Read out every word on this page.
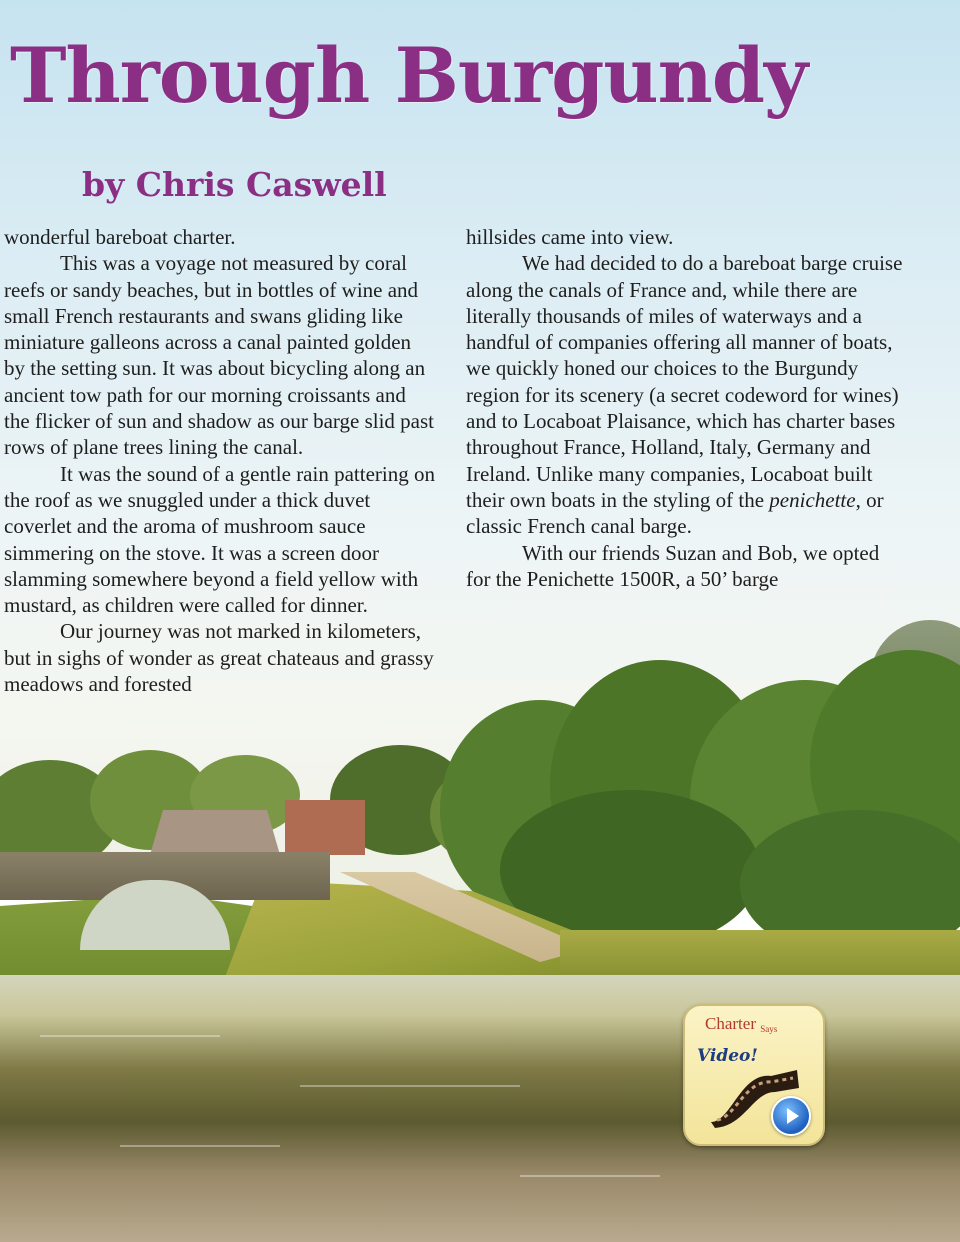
Through Burgundy
by Chris Caswell

wonderful bareboat charter.

This was a voyage not measured by coral reefs or sandy beaches, but in bottles of wine and small French restaurants and swans gliding like miniature galleons across a canal painted golden by the setting sun. It was about bicycling along an ancient tow path for our morning croissants and the flicker of sun and shadow as our barge slid past rows of plane trees lining the canal.

It was the sound of a gentle rain pattering on the roof as we snuggled under a thick duvet coverlet and the aroma of mushroom sauce simmering on the stove. It was a screen door slamming somewhere beyond a field yellow with mustard, as children were called for dinner.

Our journey was not marked in kilometers, but in sighs of wonder as great chateaus and grassy meadows and forested

hillsides came into view.

We had decided to do a bareboat barge cruise along the canals of France and, while there are literally thousands of miles of waterways and a handful of companies offering all manner of boats, we quickly honed our choices to the Burgundy region for its scenery (a secret codeword for wines) and to Locaboat Plaisance, which has charter bases throughout France, Holland, Italy, Germany and Ireland. Unlike many companies, Locaboat built their own boats in the styling of the penichette, or classic French canal barge.

With our friends Suzan and Bob, we opted for the Penichette 1500R, a 50’ barge

Charter Says
Video!
